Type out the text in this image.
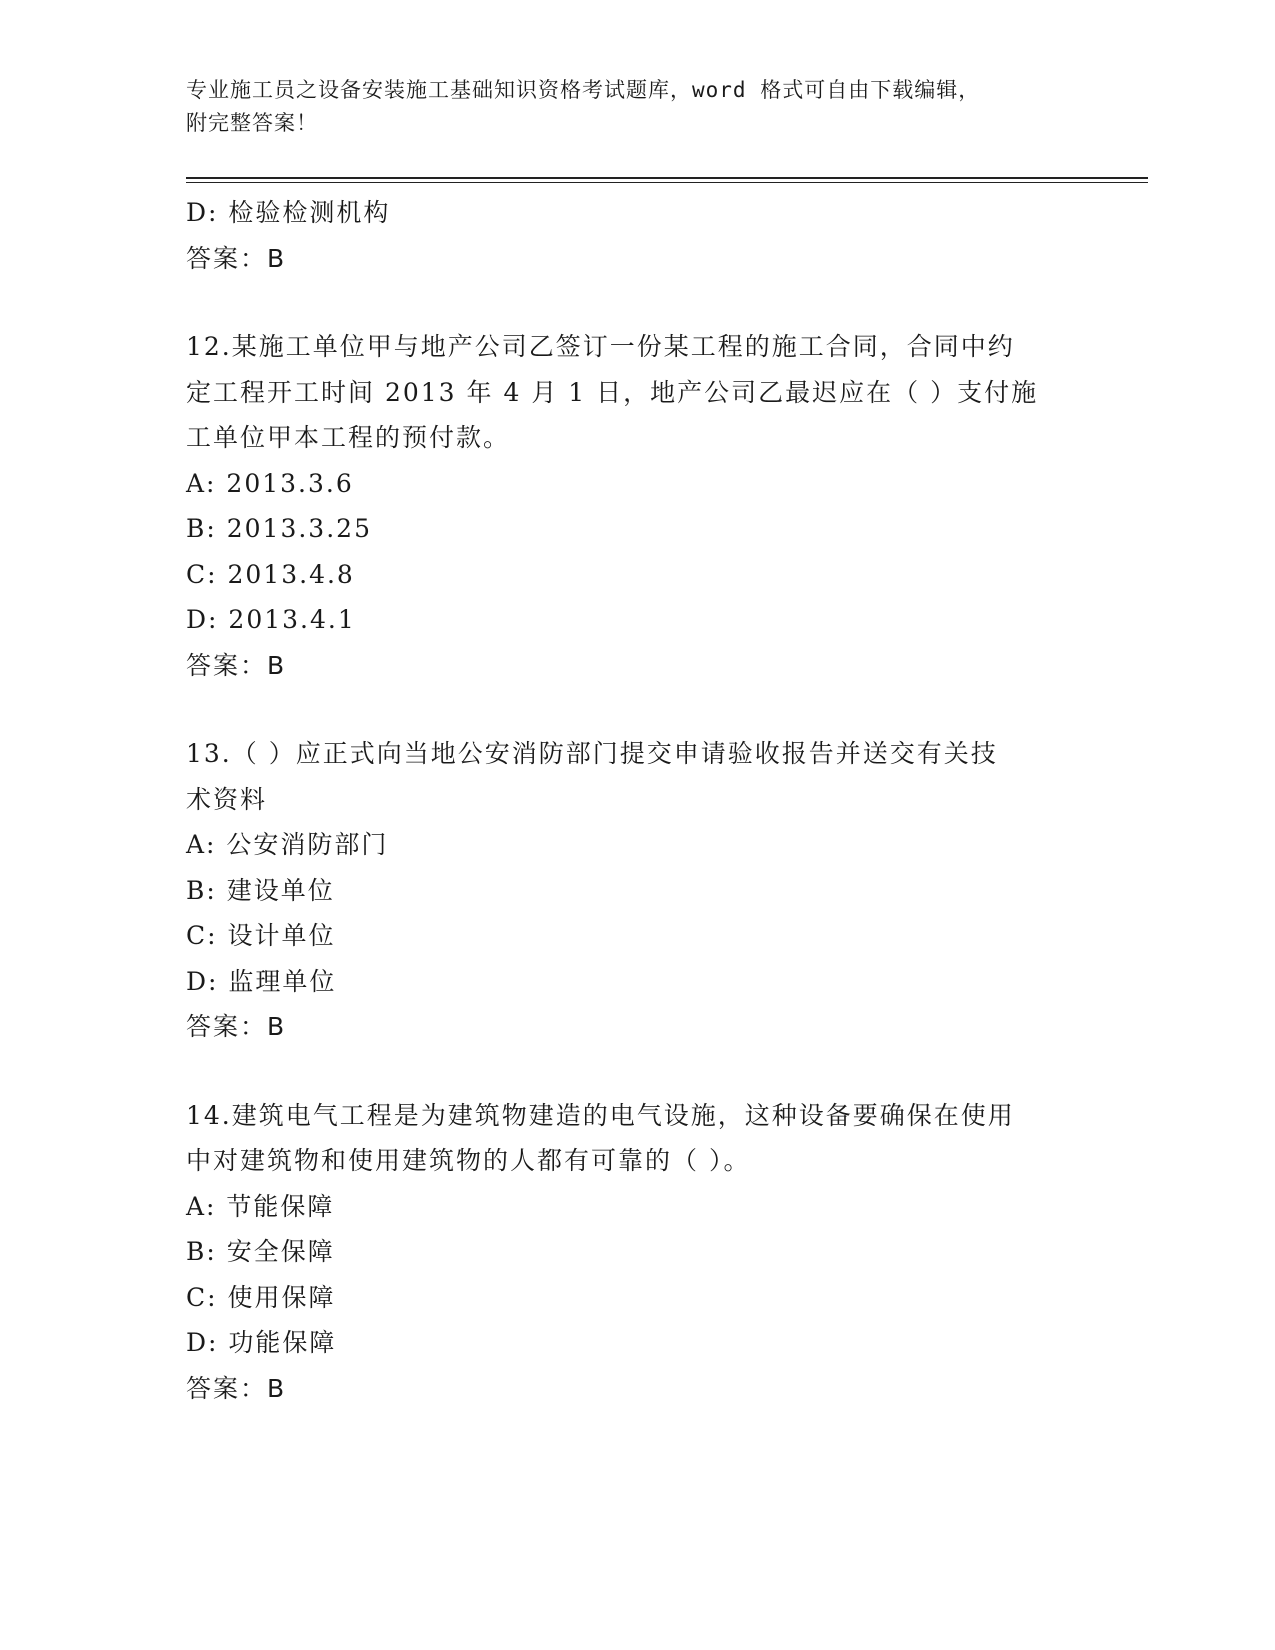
专业施工员之设备安装施工基础知识资格考试题库，word 格式可自由下载编辑，
附完整答案！
D: 检验检测机构
答案：B
12.某施工单位甲与地产公司乙签订一份某工程的施工合同，合同中约
定工程开工时间 2013 年 4 月 1 日，地产公司乙最迟应在（ ）支付施
工单位甲本工程的预付款。
A: 2013.3.6
B: 2013.3.25
C: 2013.4.8
D: 2013.4.1
答案：B
13.（ ）应正式向当地公安消防部门提交申请验收报告并送交有关技
术资料
A: 公安消防部门
B: 建设单位
C: 设计单位
D: 监理单位
答案：B
14.建筑电气工程是为建筑物建造的电气设施，这种设备要确保在使用
中对建筑物和使用建筑物的人都有可靠的（ ）。
A: 节能保障
B: 安全保障
C: 使用保障
D: 功能保障
答案：B
